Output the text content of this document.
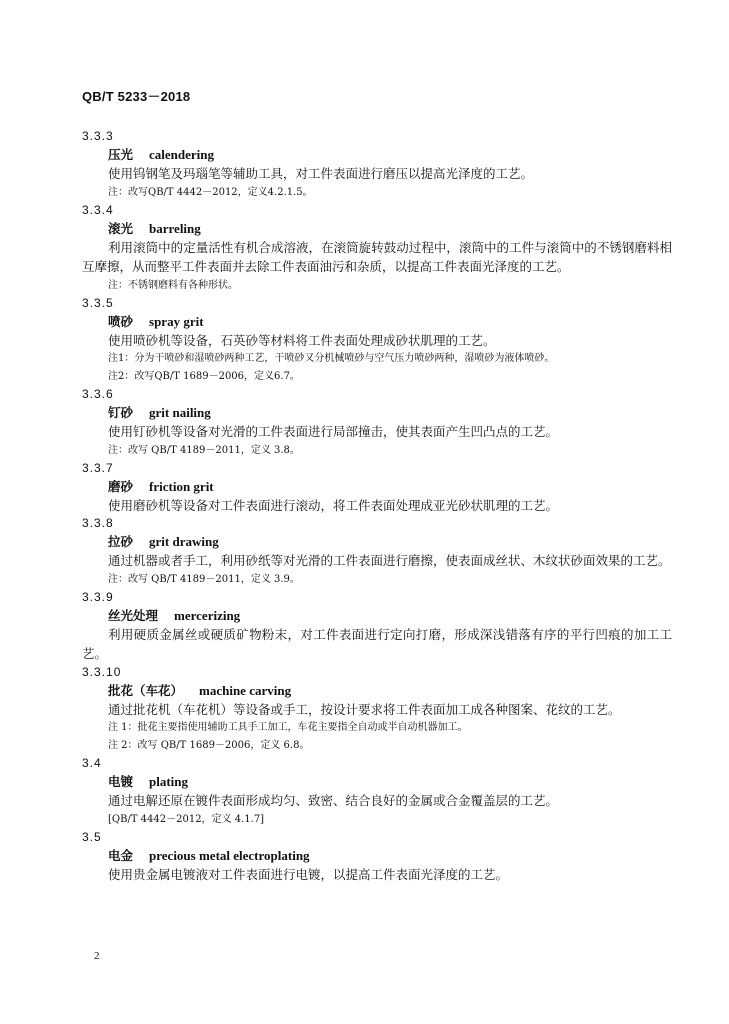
QB/T 5233－2018
3.3.3
压光 calendering
使用钨钢笔及玛瑙笔等辅助工具，对工件表面进行磨压以提高光泽度的工艺。
注：改写QB/T 4442－2012，定义4.2.1.5。
3.3.4
滚光 barreling
利用滚筒中的定量活性有机合成溶液，在滚筒旋转鼓动过程中，滚筒中的工件与滚筒中的不锈钢磨料相互摩擦，从而整平工件表面并去除工件表面油污和杂质，以提高工件表面光泽度的工艺。
注：不锈钢磨料有各种形状。
3.3.5
喷砂 spray grit
使用喷砂机等设备，石英砂等材料将工件表面处理成砂状肌理的工艺。
注1：分为干喷砂和湿喷砂两种工艺，干喷砂又分机械喷砂与空气压力喷砂两种，湿喷砂为液体喷砂。
注2：改写QB/T 1689－2006，定义6.7。
3.3.6
钉砂 grit nailing
使用钉砂机等设备对光滑的工件表面进行局部撞击，使其表面产生凹凸点的工艺。
注：改写 QB/T 4189－2011，定义 3.8。
3.3.7
磨砂 friction grit
使用磨砂机等设备对工件表面进行滚动，将工件表面处理成亚光砂状肌理的工艺。
3.3.8
拉砂 grit drawing
通过机器或者手工，利用砂纸等对光滑的工件表面进行磨擦，使表面成丝状、木纹状砂面效果的工艺。
注：改写 QB/T 4189－2011，定义 3.9。
3.3.9
丝光处理 mercerizing
利用硬质金属丝或硬质矿物粉末，对工件表面进行定向打磨，形成深浅错落有序的平行凹痕的加工工艺。
3.3.10
批花（车花） machine carving
通过批花机（车花机）等设备或手工，按设计要求将工件表面加工成各种图案、花纹的工艺。
注 1：批花主要指使用辅助工具手工加工，车花主要指全自动或半自动机器加工。
注 2：改写 QB/T 1689－2006，定义 6.8。
3.4
电镀 plating
通过电解还原在镀件表面形成均匀、致密、结合良好的金属或合金覆盖层的工艺。
[QB/T 4442－2012，定义 4.1.7]
3.5
电金 precious metal electroplating
使用贵金属电镀液对工件表面进行电镀，以提高工件表面光泽度的工艺。
2
